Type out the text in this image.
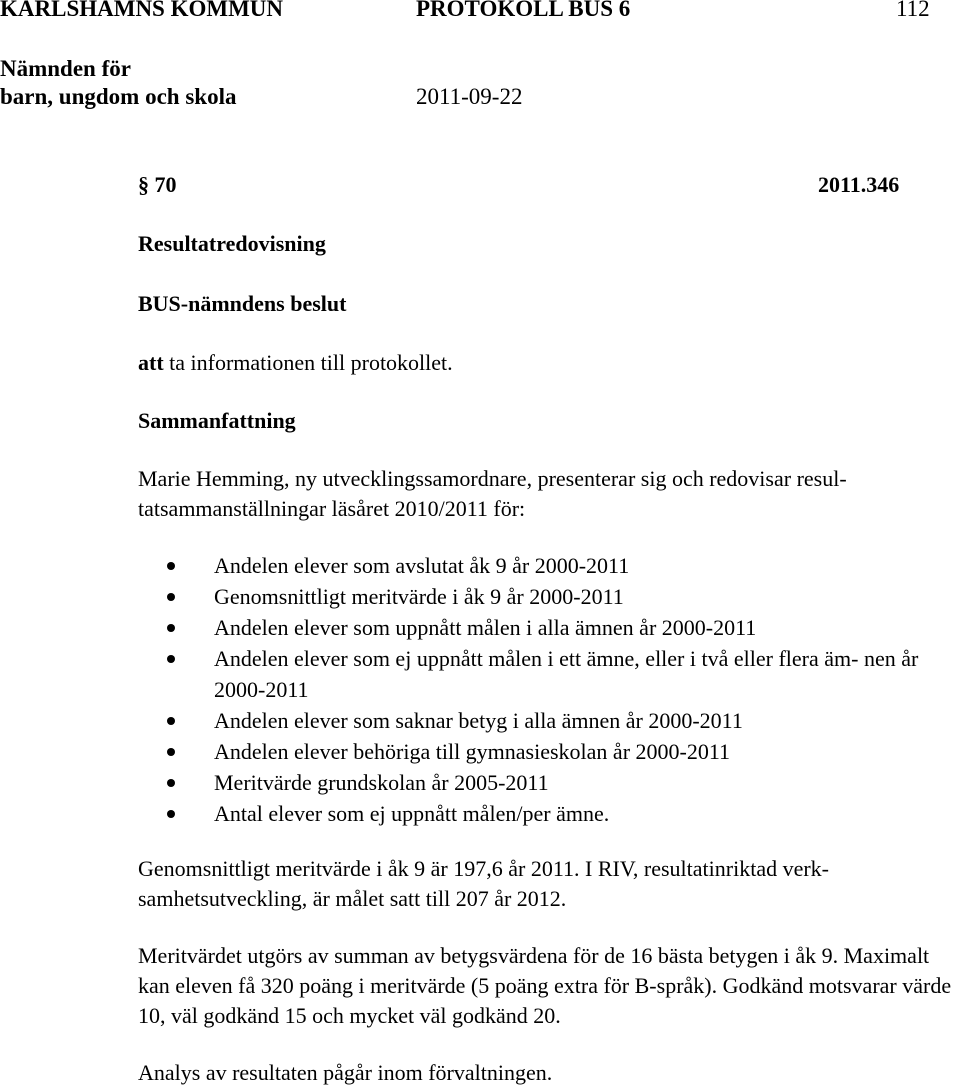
KARLSHAMNS KOMMUN	PROTOKOLL BUS 6	112
Nämnden för
barn, ungdom och skola	2011-09-22
§ 70	2011.346
Resultatredovisning
BUS-nämndens beslut
att ta informationen till protokollet.
Sammanfattning
Marie Hemming, ny utvecklingssamordnare, presenterar sig och redovisar resul- tatsammanställningar läsåret 2010/2011 för:
Andelen elever som avslutat åk 9 år 2000-2011
Genomsnittligt meritvärde i åk 9 år 2000-2011
Andelen elever som uppnått målen i alla ämnen år 2000-2011
Andelen elever som ej uppnått målen i ett ämne, eller i två eller flera äm- nen år 2000-2011
Andelen elever som saknar betyg i alla ämnen år 2000-2011
Andelen elever behöriga till gymnasieskolan år 2000-2011
Meritvärde grundskolan år 2005-2011
Antal elever som ej uppnått målen/per ämne.
Genomsnittligt meritvärde i åk 9 är 197,6 år 2011. I RIV, resultatinriktad verk- samhetsutveckling, är målet satt till 207 år 2012.
Meritvärdet utgörs av summan av betygsvärdena för de 16 bästa betygen i åk 9. Maximalt kan eleven få 320 poäng i meritvärde (5 poäng extra för B-språk). Godkänd motsvarar värde 10, väl godkänd 15 och mycket väl godkänd 20.
Analys av resultaten pågår inom förvaltningen.
